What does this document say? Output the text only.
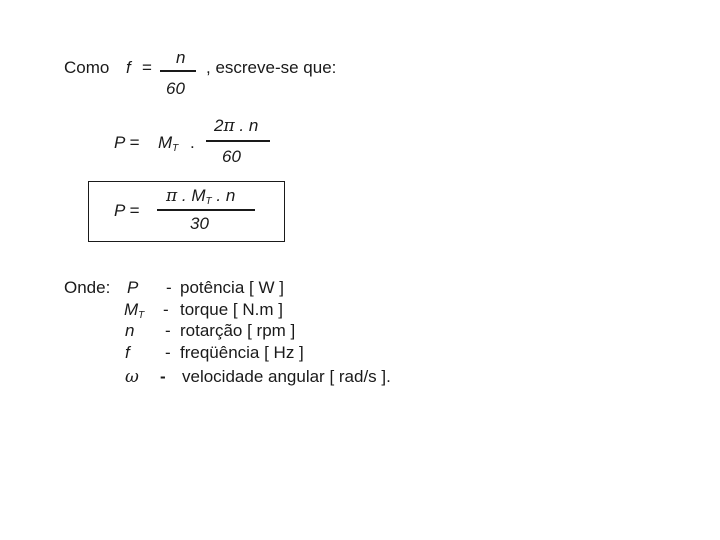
Como f =
n
60
, escreve-se que:
$P = M_T$ .
2π . n
60
P =
π . $M_T$ . n
30
Onde: P - potência [ W ]
$M_T$ - torque [ N.m ]
n - rotarção [ rpm ]
f - freqüência [ Hz ]
ω - velocidade angular [ rad/s ].
